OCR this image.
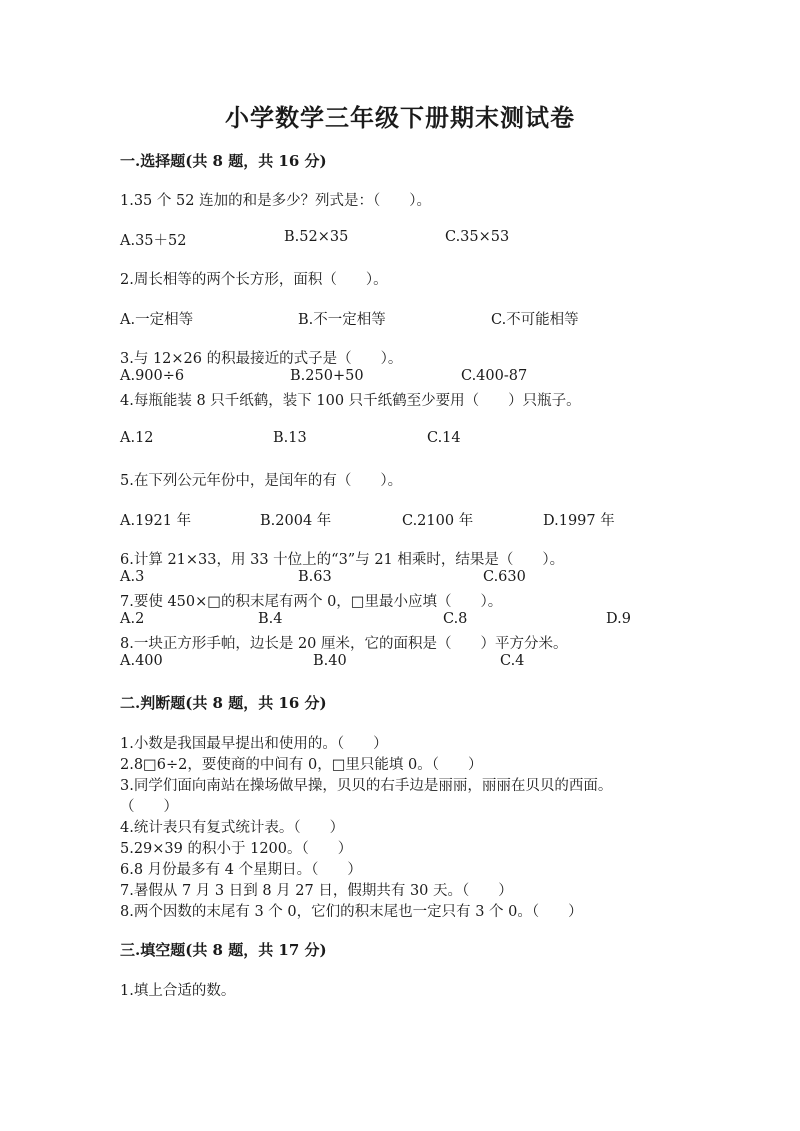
小学数学三年级下册期末测试卷
一.选择题(共 8 题，共 16 分)
1.35 个 52 连加的和是多少？列式是：（　　）。
A.35＋52	B.52×35	C.35×53
2.周长相等的两个长方形，面积（　　）。
A.一定相等	B.不一定相等	C.不可能相等
3.与 12×26 的积最接近的式子是（　　）。
A.900÷6	B.250+50	C.400-87
4.每瓶能装 8 只千纸鹤，装下 100 只千纸鹤至少要用（　　）只瓶子。
A.12	B.13	C.14
5.在下列公元年份中，是闰年的有（　　）。
A.1921 年	B.2004 年	C.2100 年	D.1997 年
6.计算 21×33，用 33 十位上的“3”与 21 相乘时，结果是（　　）。
A.3	B.63	C.630
7.要使 450×□的积末尾有两个 0，□里最小应填（　　）。
A.2	B.4	C.8	D.9
8.一块正方形手帕，边长是 20 厘米，它的面积是（　　）平方分米。
A.400	B.40	C.4
二.判断题(共 8 题，共 16 分)
1.小数是我国最早提出和使用的。（　　）
2.8□6÷2，要使商的中间有 0，□里只能填 0。（　　）
3.同学们面向南站在操场做早操，贝贝的右手边是丽丽，丽丽在贝贝的西面。
（　　）
4.统计表只有复式统计表。（　　）
5.29×39 的积小于 1200。（　　）
6.8 月份最多有 4 个星期日。（　　）
7.暑假从 7 月 3 日到 8 月 27 日，假期共有 30 天。（　　）
8.两个因数的末尾有 3 个 0，它们的积末尾也一定只有 3 个 0。（　　）
三.填空题(共 8 题，共 17 分)
1.填上合适的数。
